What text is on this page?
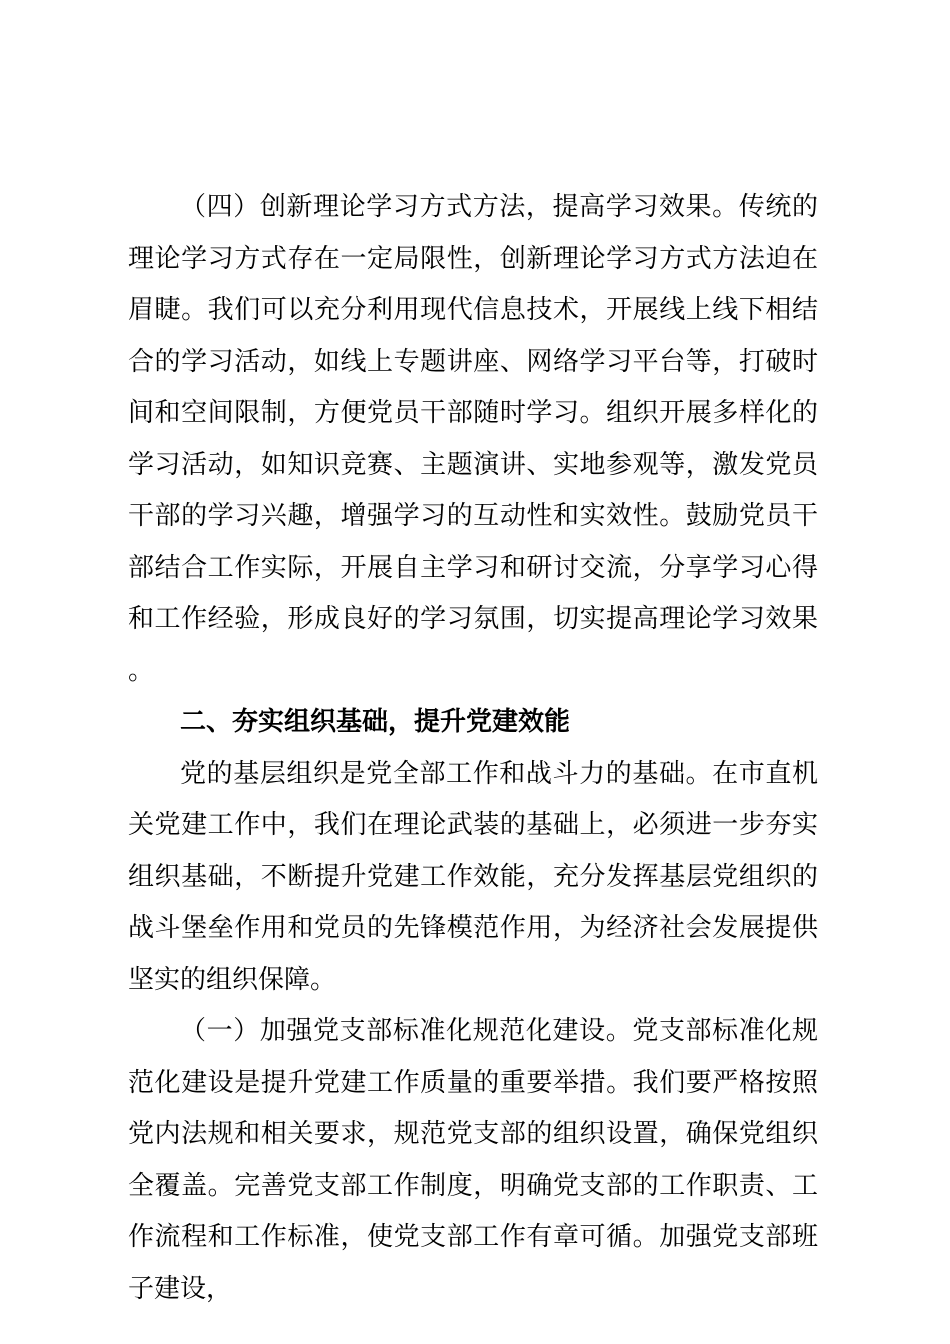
（四）创新理论学习方式方法，提高学习效果。传统的理论学习方式存在一定局限性，创新理论学习方式方法迫在眉睫。我们可以充分利用现代信息技术，开展线上线下相结合的学习活动，如线上专题讲座、网络学习平台等，打破时间和空间限制，方便党员干部随时学习。组织开展多样化的学习活动，如知识竞赛、主题演讲、实地参观等，激发党员干部的学习兴趣，增强学习的互动性和实效性。鼓励党员干部结合工作实际，开展自主学习和研讨交流，分享学习心得和工作经验，形成良好的学习氛围，切实提高理论学习效果。

二、夯实组织基础，提升党建效能

党的基层组织是党全部工作和战斗力的基础。在市直机关党建工作中，我们在理论武装的基础上，必须进一步夯实组织基础，不断提升党建工作效能，充分发挥基层党组织的战斗堡垒作用和党员的先锋模范作用，为经济社会发展提供坚实的组织保障。

（一）加强党支部标准化规范化建设。党支部标准化规范化建设是提升党建工作质量的重要举措。我们要严格按照党内法规和相关要求，规范党支部的组织设置，确保党组织全覆盖。完善党支部工作制度，明确党支部的工作职责、工作流程和工作标准，使党支部工作有章可循。加强党支部班子建设，
